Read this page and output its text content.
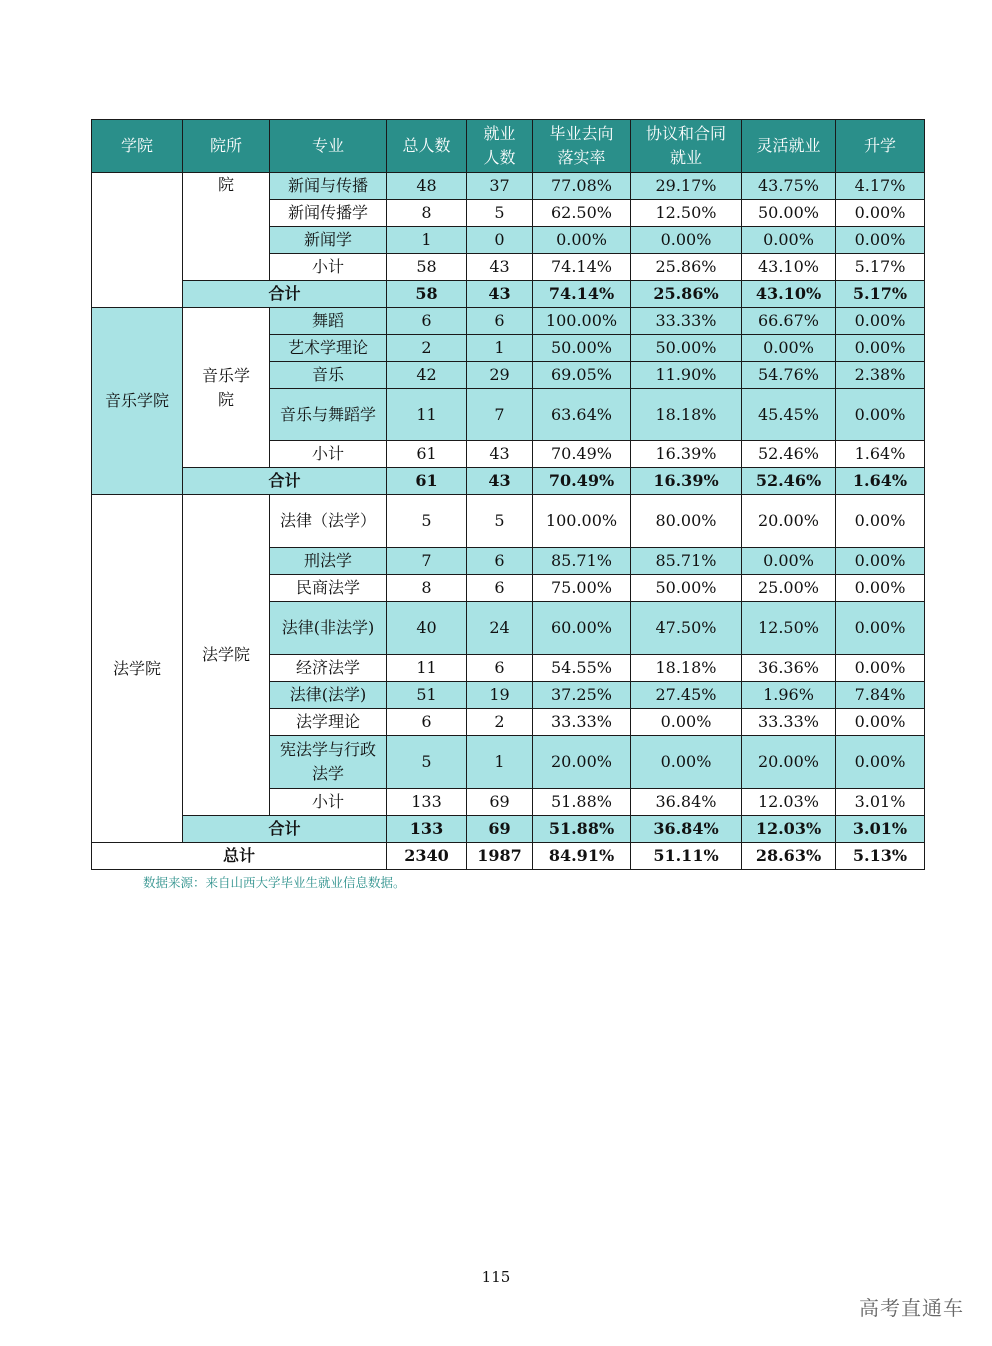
学院	院所	专业	总人数	就业人数	毕业去向落实率	协议和合同就业	灵活就业	升学
	院	新闻与传播	48	37	77.08%	29.17%	43.75%	4.17%
		新闻传播学	8	5	62.50%	12.50%	50.00%	0.00%
		新闻学	1	0	0.00%	0.00%	0.00%	0.00%
		小计	58	43	74.14%	25.86%	43.10%	5.17%
	合计		58	43	74.14%	25.86%	43.10%	5.17%
音乐学院	音乐学院	舞蹈	6	6	100.00%	33.33%	66.67%	0.00%
		艺术学理论	2	1	50.00%	50.00%	0.00%	0.00%
		音乐	42	29	69.05%	11.90%	54.76%	2.38%
		音乐与舞蹈学	11	7	63.64%	18.18%	45.45%	0.00%
		小计	61	43	70.49%	16.39%	52.46%	1.64%
	合计		61	43	70.49%	16.39%	52.46%	1.64%
法学院	法学院	法律（法学）	5	5	100.00%	80.00%	20.00%	0.00%
		刑法学	7	6	85.71%	85.71%	0.00%	0.00%
		民商法学	8	6	75.00%	50.00%	25.00%	0.00%
		法律(非法学)	40	24	60.00%	47.50%	12.50%	0.00%
		经济法学	11	6	54.55%	18.18%	36.36%	0.00%
		法律(法学)	51	19	37.25%	27.45%	1.96%	7.84%
		法学理论	6	2	33.33%	0.00%	33.33%	0.00%
		宪法学与行政法学	5	1	20.00%	0.00%	20.00%	0.00%
		小计	133	69	51.88%	36.84%	12.03%	3.01%
	合计		133	69	51.88%	36.84%	12.03%	3.01%
总计			2340	1987	84.91%	51.11%	28.63%	5.13%
数据来源：来自山西大学毕业生就业信息数据。
115
高考直通车
